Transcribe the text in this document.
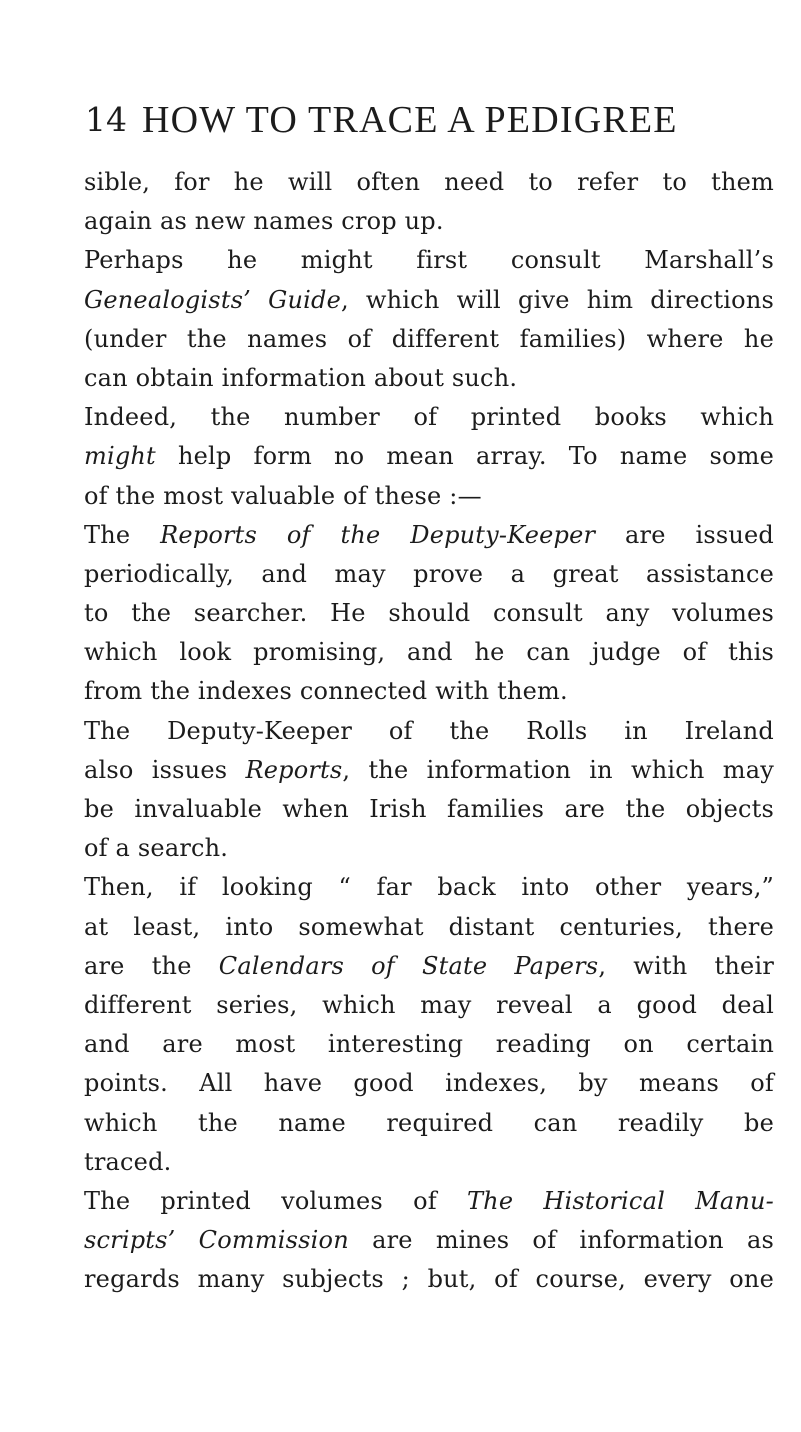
14 HOW TO TRACE A PEDIGREE
sible, for he will often need to refer to them
again as new names crop up.
Perhaps he might first consult Marshall’s
Genealogists’ Guide, which will give him directions
(under the names of different families) where he
can obtain information about such.
Indeed, the number of printed books which
might help form no mean array. To name some
of the most valuable of these :—
The Reports of the Deputy-Keeper are issued
periodically, and may prove a great assistance
to the searcher. He should consult any volumes
which look promising, and he can judge of this
from the indexes connected with them.
The Deputy-Keeper of the Rolls in Ireland
also issues Reports, the information in which may
be invaluable when Irish families are the objects
of a search.
Then, if looking “ far back into other years,”
at least, into somewhat distant centuries, there
are the Calendars of State Papers, with their
different series, which may reveal a good deal
and are most interesting reading on certain
points. All have good indexes, by means of
which the name required can readily be
traced.
The printed volumes of The Historical Manu-
scripts’ Commission are mines of information as
regards many subjects ; but, of course, every one
